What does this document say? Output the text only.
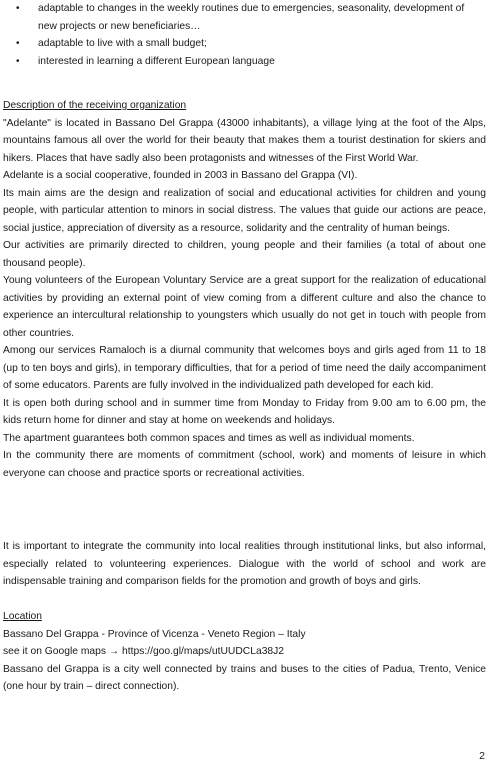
• adaptable to changes in the weekly routines due to emergencies, seasonality, development of new projects or new beneficiaries…
• adaptable to live with a small budget;
• interested in learning a different European language

Description of the receiving organization

"Adelante" is located in Bassano Del Grappa (43000 inhabitants), a village lying at the foot of the Alps, mountains famous all over the world for their beauty that makes them a tourist destination for skiers and hikers. Places that have sadly also been protagonists and witnesses of the First World War.

Adelante is a social cooperative, founded in 2003 in Bassano del Grappa (VI).

Its main aims are the design and realization of social and educational activities for children and young people, with particular attention to minors in social distress. The values that guide our actions are peace, social justice, appreciation of diversity as a resource, solidarity and the centrality of human beings.

Our activities are primarily directed to children, young people and their families (a total of about one thousand people).

Young volunteers of the European Voluntary Service are a great support for the realization of educational activities by providing an external point of view coming from a different culture and also the chance to experience an intercultural relationship to youngsters which usually do not get in touch with people from other countries.

Among our services Ramaloch is a diurnal community that welcomes boys and girls aged from 11 to 18 (up to ten boys and girls), in temporary difficulties, that for a period of time need the daily accompaniment of some educators. Parents are fully involved in the individualized path developed for each kid.

It is open both during school and in summer time from Monday to Friday from 9.00 am to 6.00 pm, the kids return home for dinner and stay at home on weekends and holidays.

The apartment guarantees both common spaces and times as well as individual moments.

In the community there are moments of commitment (school, work) and moments of leisure in which everyone can choose and practice sports or recreational activities.

It is important to integrate the community into local realities through institutional links, but also informal, especially related to volunteering experiences. Dialogue with the world of school and work are indispensable training and comparison fields for the promotion and growth of boys and girls.

Location

Bassano Del Grappa - Province of Vicenza - Veneto Region – Italy

see it on Google maps → https://goo.gl/maps/utUUDCLa38J2

Bassano del Grappa is a city well connected by trains and buses to the cities of Padua, Trento, Venice (one hour by train – direct connection).

2
